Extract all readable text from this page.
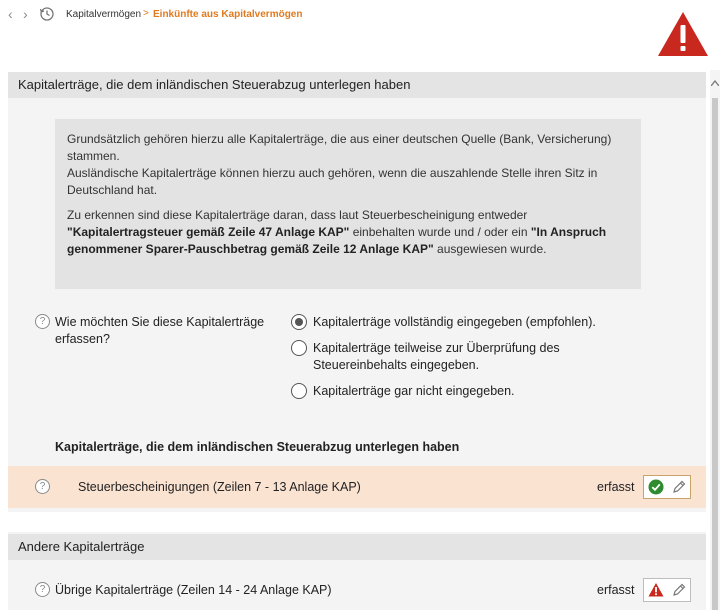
‹ ›	Kapitalvermögen > Einkünfte aus Kapitalvermögen
Kapitalerträge, die dem inländischen Steuerabzug unterlegen haben

Grundsätzlich gehören hierzu alle Kapitalerträge, die aus einer deutschen Quelle (Bank, Versicherung) stammen.
Ausländische Kapitalerträge können hierzu auch gehören, wenn die auszahlende Stelle ihren Sitz in Deutschland hat.

Zu erkennen sind diese Kapitalerträge daran, dass laut Steuerbescheinigung entweder "Kapitalertragsteuer gemäß Zeile 47 Anlage KAP" einbehalten wurde und / oder ein "In Anspruch genommener Sparer-Pauschbetrag gemäß Zeile 12 Anlage KAP" ausgewiesen wurde.

? Wie möchten Sie diese Kapitalerträge erfassen?
Kapitalerträge vollständig eingegeben (empfohlen).
Kapitalerträge teilweise zur Überprüfung des Steuereinbehalts eingegeben.
Kapitalerträge gar nicht eingegeben.
Kapitalerträge, die dem inländischen Steuerabzug unterlegen haben
?	Steuerbescheinigungen (Zeilen 7 - 13 Anlage KAP)	erfasst
Andere Kapitalerträge
? Übrige Kapitalerträge (Zeilen 14 - 24 Anlage KAP)	erfasst
